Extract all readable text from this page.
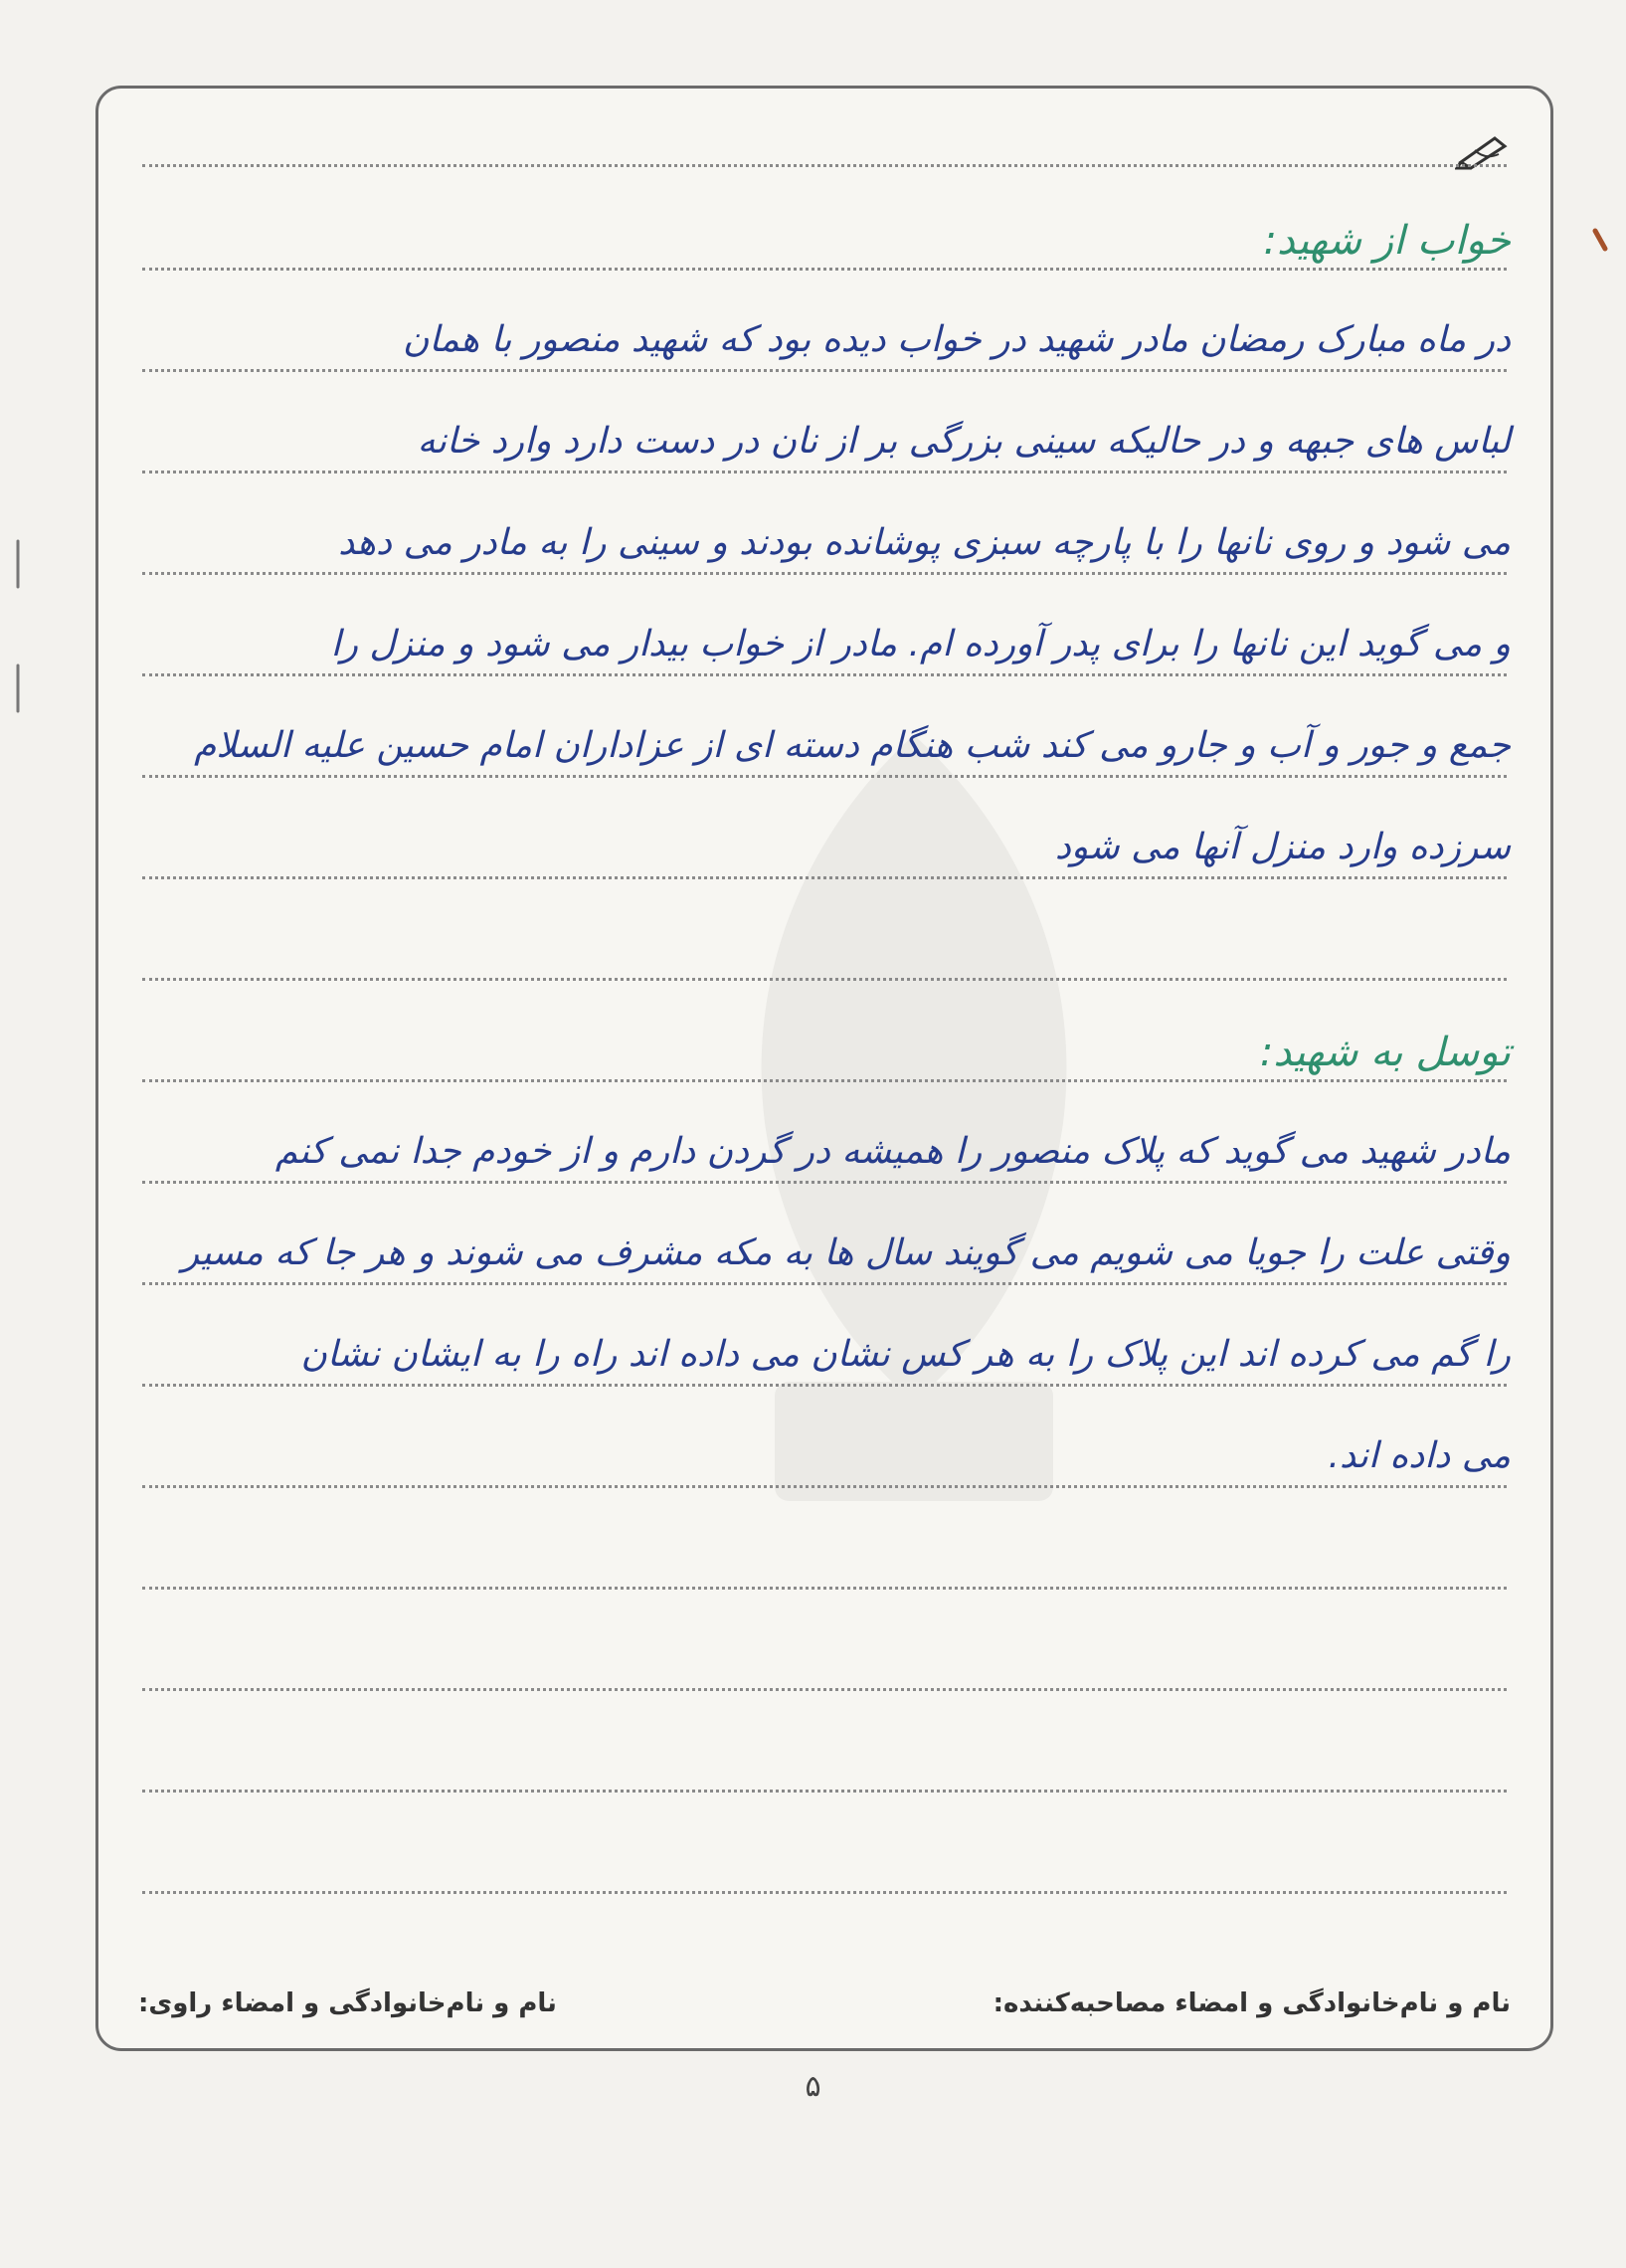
خواب از شهید:
در ماه مبارک رمضان مادر شهید در خواب دیده بود که شهید منصور با همان
لباس های جبهه و در حالیکه سینی بزرگی بر از نان در دست دارد وارد خانه
می شود و روی نانها را با پارچه سبزی پوشانده بودند و سینی را به مادر می دهد
و می گوید این نانها را برای پدر آورده ام. مادر از خواب بیدار می شود و منزل را
جمع و جور و آب و جارو می کند شب هنگام دسته ای از عزاداران امام حسین علیه السلام
سرزده وارد منزل آنها می شود
توسل به شهید:
مادر شهید می گوید که پلاک منصور را همیشه در گردن دارم و از خودم جدا نمی کنم
وقتی علت را جویا می شویم می گویند سال ها به مکه مشرف می شوند و هر جا که مسیر
را گم می کرده اند این پلاک را به هر کس نشان می داده اند راه را به ایشان نشان
می داده اند.
نام و نام‌خانوادگی و امضاء مصاحبه‌کننده:
نام و نام‌خانوادگی و امضاء راوی:
۵
